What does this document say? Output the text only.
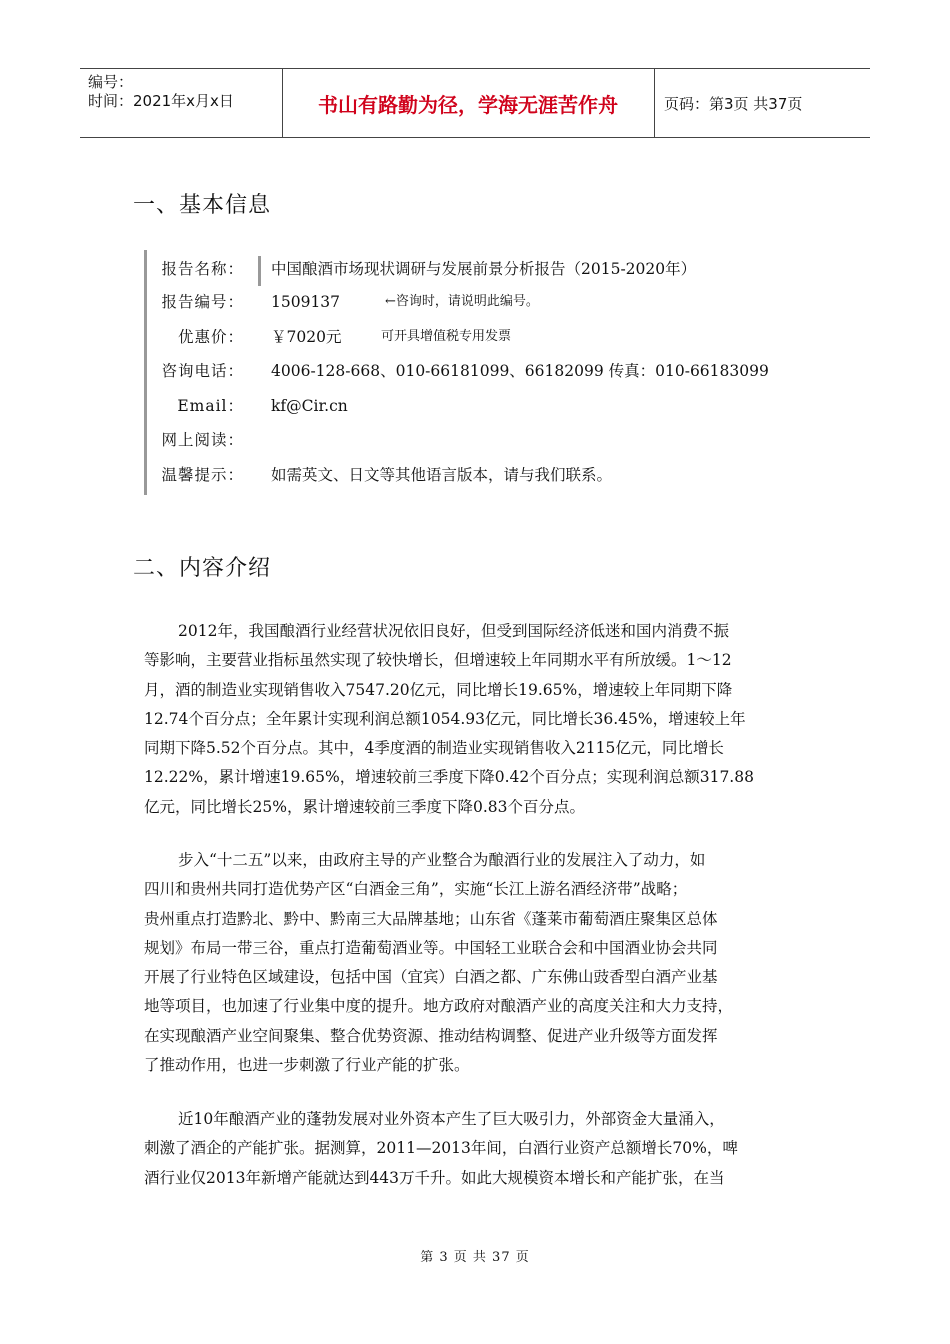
编号：
时间：2021年x月x日	书山有路勤为径，学海无涯苦作舟	页码：第3页 共37页
一、基本信息
报告名称： 中国酿酒市场现状调研与发展前景分析报告（2015-2020年）
报告编号： 1509137	←咨询时，请说明此编号。
优惠价： ￥7020元	可开具增值税专用发票
咨询电话： 4006-128-668、010-66181099、66182099 传真：010-66183099
Email： kf@Cir.cn
网上阅读：
温馨提示： 如需英文、日文等其他语言版本，请与我们联系。
二、内容介绍

2012年，我国酿酒行业经营状况依旧良好，但受到国际经济低迷和国内消费不振
等影响，主要营业指标虽然实现了较快增长，但增速较上年同期水平有所放缓。1～12
月，酒的制造业实现销售收入7547.20亿元，同比增长19.65%，增速较上年同期下降
12.74个百分点；全年累计实现利润总额1054.93亿元，同比增长36.45%，增速较上年
同期下降5.52个百分点。其中，4季度酒的制造业实现销售收入2115亿元，同比增长
12.22%，累计增速19.65%，增速较前三季度下降0.42个百分点；实现利润总额317.88
亿元，同比增长25%，累计增速较前三季度下降0.83个百分点。

步入“十二五”以来，由政府主导的产业整合为酿酒行业的发展注入了动力，如
四川和贵州共同打造优势产区“白酒金三角”，实施“长江上游名酒经济带”战略；
贵州重点打造黔北、黔中、黔南三大品牌基地；山东省《蓬莱市葡萄酒庄聚集区总体
规划》布局一带三谷，重点打造葡萄酒业等。中国轻工业联合会和中国酒业协会共同
开展了行业特色区域建设，包括中国（宜宾）白酒之都、广东佛山豉香型白酒产业基
地等项目，也加速了行业集中度的提升。地方政府对酿酒产业的高度关注和大力支持，
在实现酿酒产业空间聚集、整合优势资源、推动结构调整、促进产业升级等方面发挥
了推动作用，也进一步刺激了行业产能的扩张。

近10年酿酒产业的蓬勃发展对业外资本产生了巨大吸引力，外部资金大量涌入，
刺激了酒企的产能扩张。据测算，2011—2013年间，白酒行业资产总额增长70%，啤
酒行业仅2013年新增产能就达到443万千升。如此大规模资本增长和产能扩张，在当

第 3 页 共 37 页
